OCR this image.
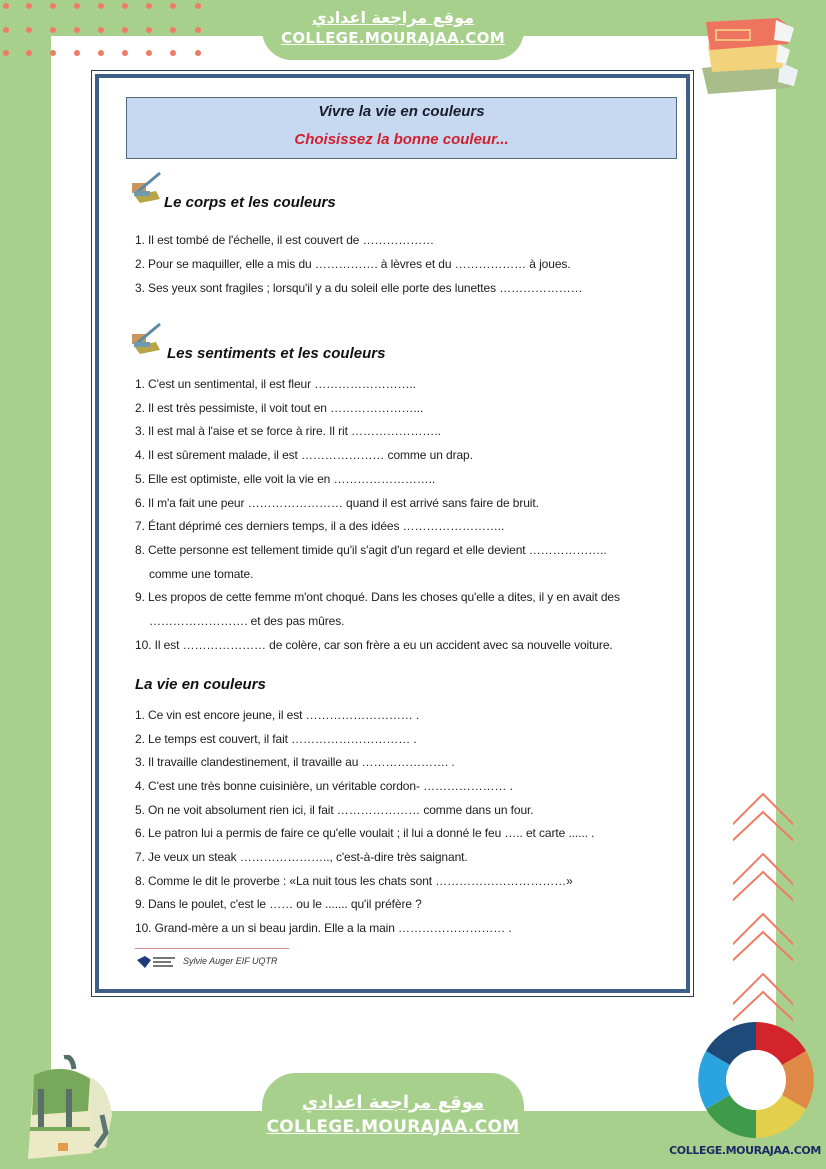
موقع مراجعة اعدادي
COLLEGE.MOURAJAA.COM
Vivre la vie en couleurs
Choisissez la bonne couleur...
Le corps et les couleurs
1. Il est tombé de l'échelle, il est couvert de ………………
2. Pour se maquiller, elle a mis du ……………. à lèvres et du ……………… à joues.
3. Ses yeux sont fragiles ; lorsqu'il y a du soleil elle porte des lunettes …………………
Les sentiments et les couleurs
1. C'est un sentimental, il est fleur ……………………..
2. Il est très pessimiste, il voit tout en …………………...
3. Il est mal à l'aise et se force à rire. Il rit …………………..
4. Il est sûrement malade, il est ………………… comme un drap.
5. Elle est optimiste, elle voit la vie en ……………………..
6. Il m'a fait une peur …………………… quand il est arrivé sans faire de bruit.
7. Étant déprimé ces derniers temps, il a des idées ……………………..
8. Cette personne est tellement timide qu'il s'agit d'un regard et elle devient ………………..
comme une tomate.
9. Les propos de cette femme m'ont choqué. Dans les choses qu'elle a dites, il y en avait des
……………………. et des pas mûres.
10. Il est ………………… de colère, car son frère a eu un accident avec sa nouvelle voiture.
La vie en couleurs
1. Ce vin est encore jeune, il est ……………………… .
2. Le temps est couvert, il fait ………………………… .
3. Il travaille clandestinement, il travaille au …………………. .
4. C'est une très bonne cuisinière, un véritable cordon- ………………… .
5. On ne voit absolument rien ici, il fait ………………… comme dans un four.
6. Le patron lui a permis de faire ce qu'elle voulait ; il lui a donné le feu ….. et carte ...... .
7. Je veux un steak ………………….., c'est-à-dire très saignant.
8. Comme le dit le proverbe : «La nuit tous les chats sont ……………………………»
9. Dans le poulet, c'est le …… ou le ....... qu'il préfère ?
10. Grand-mère a un si beau jardin. Elle a la main ……………………… .
Sylvie Auger EIF UQTR
موقع مراجعة اعدادي
COLLEGE.MOURAJAA.COM
COLLEGE.MOURAJAA.COM
